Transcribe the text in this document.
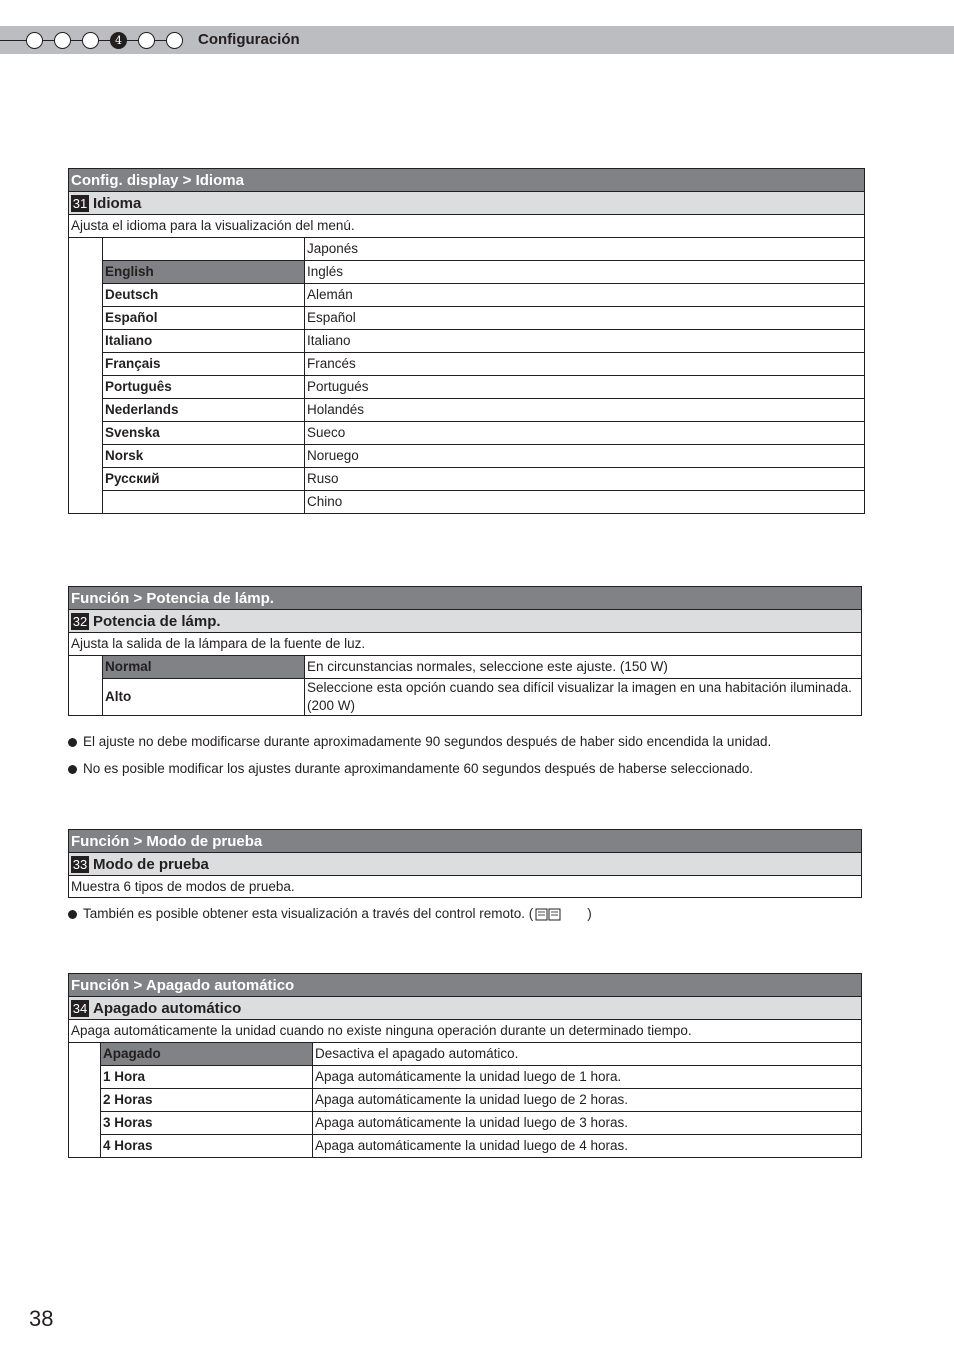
4	Configuración
Config. display > Idioma
31 Idioma
Ajusta el idioma para la visualización del menú.
		Japonés
	English	Inglés
	Deutsch	Alemán
	Español	Español
	Italiano	Italiano
	Français	Francés
	Português	Portugués
	Nederlands	Holandés
	Svenska	Sueco
	Norsk	Noruego
	Русский	Ruso
		Chino
Función > Potencia de lámp.
32 Potencia de lámp.
Ajusta la salida de la lámpara de la fuente de luz.
	Normal	En circunstancias normales, seleccione este ajuste. (150 W)
	Alto	Seleccione esta opción cuando sea difícil visualizar la imagen en una habitación iluminada. (200 W)
El ajuste no debe modificarse durante aproximadamente 90 segundos después de haber sido encendida la unidad.
No es posible modificar los ajustes durante aproximandamente 60 segundos después de haberse seleccionado.
Función > Modo de prueba
33 Modo de prueba
Muestra 6 tipos de modos de prueba.
También es posible obtener esta visualización a través del control remoto. (	)
Función > Apagado automático
34 Apagado automático
Apaga automáticamente la unidad cuando no existe ninguna operación durante un determinado tiempo.
	Apagado	Desactiva el apagado automático.
	1 Hora	Apaga automáticamente la unidad luego de 1 hora.
	2 Horas	Apaga automáticamente la unidad luego de 2 horas.
	3 Horas	Apaga automáticamente la unidad luego de 3 horas.
	4 Horas	Apaga automáticamente la unidad luego de 4 horas.
38
